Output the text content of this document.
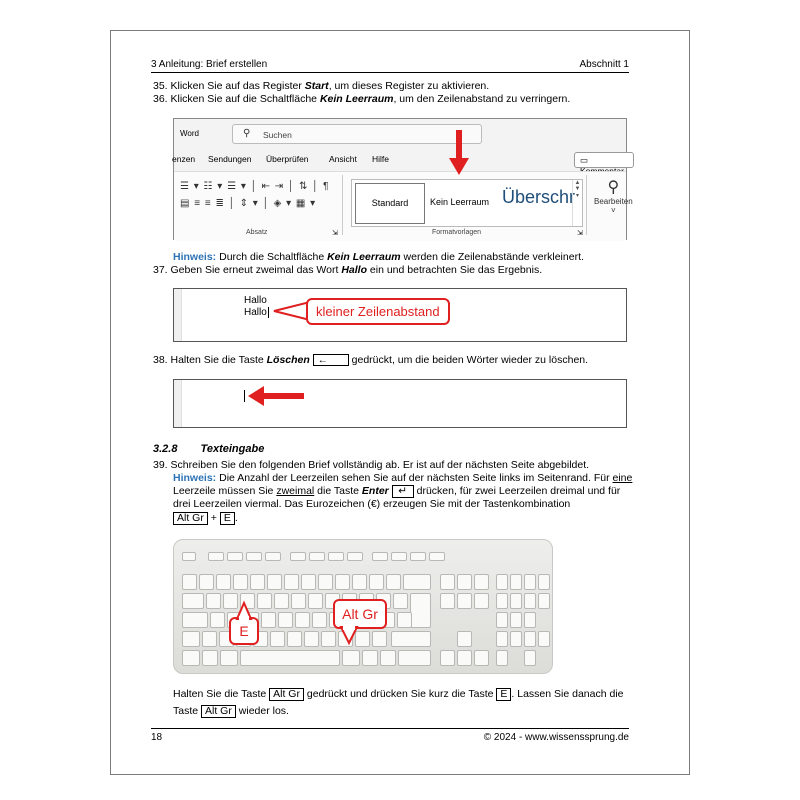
3 Anleitung: Brief erstellen	Abschnitt 1
35. Klicken Sie auf das Register Start, um dieses Register zu aktivieren.
36. Klicken Sie auf die Schaltfläche Kein Leerraum, um den Zeilenabstand zu verringern.
Word	⚲ Suchen
enzen Sendungen Überprüfen Ansicht Hilfe	▭
☰ ▾ ☷ ▾ ☰ ▾ │ ⇤ ⇥ │ ⇅ │ ¶
▤ ≡ ≡ ≣ │ ⇕ ▾ │ ◈ ▾ ▦ ▾
Absatz	⇲
Standard	Kein Leerraum Überschr
▲
▼
▾
Formatvorlagen	⇲
⚲
Bearbeiten
˅
Hinweis: Durch die Schaltfläche Kein Leerraum werden die Zeilenabstände verkleinert.
37. Geben Sie erneut zweimal das Wort Hallo ein und betrachten Sie das Ergebnis.
Hallo
Hallo	kleiner Zeilenabstand
38. Halten Sie die Taste Löschen ← gedrückt, um die beiden Wörter wieder zu löschen.
3.2.8 Texteingabe
39. Schreiben Sie den folgenden Brief vollständig ab. Er ist auf der nächsten Seite abgebildet.
Hinweis: Die Anzahl der Leerzeilen sehen Sie auf der nächsten Seite links im Seitenrand. Für eine
Leerzeile müssen Sie zweimal die Taste Enter ↵ drücken, für zwei Leerzeilen dreimal und für
drei Leerzeilen viermal. Das Eurozeichen (€) erzeugen Sie mit der Tastenkombination
Alt Gr + E .
E
Alt Gr
Halten Sie die Taste Alt Gr gedrückt und drücken Sie kurz die Taste E . Lassen Sie danach die
Taste Alt Gr wieder los.
18	© 2024 - www.wissenssprung.de
